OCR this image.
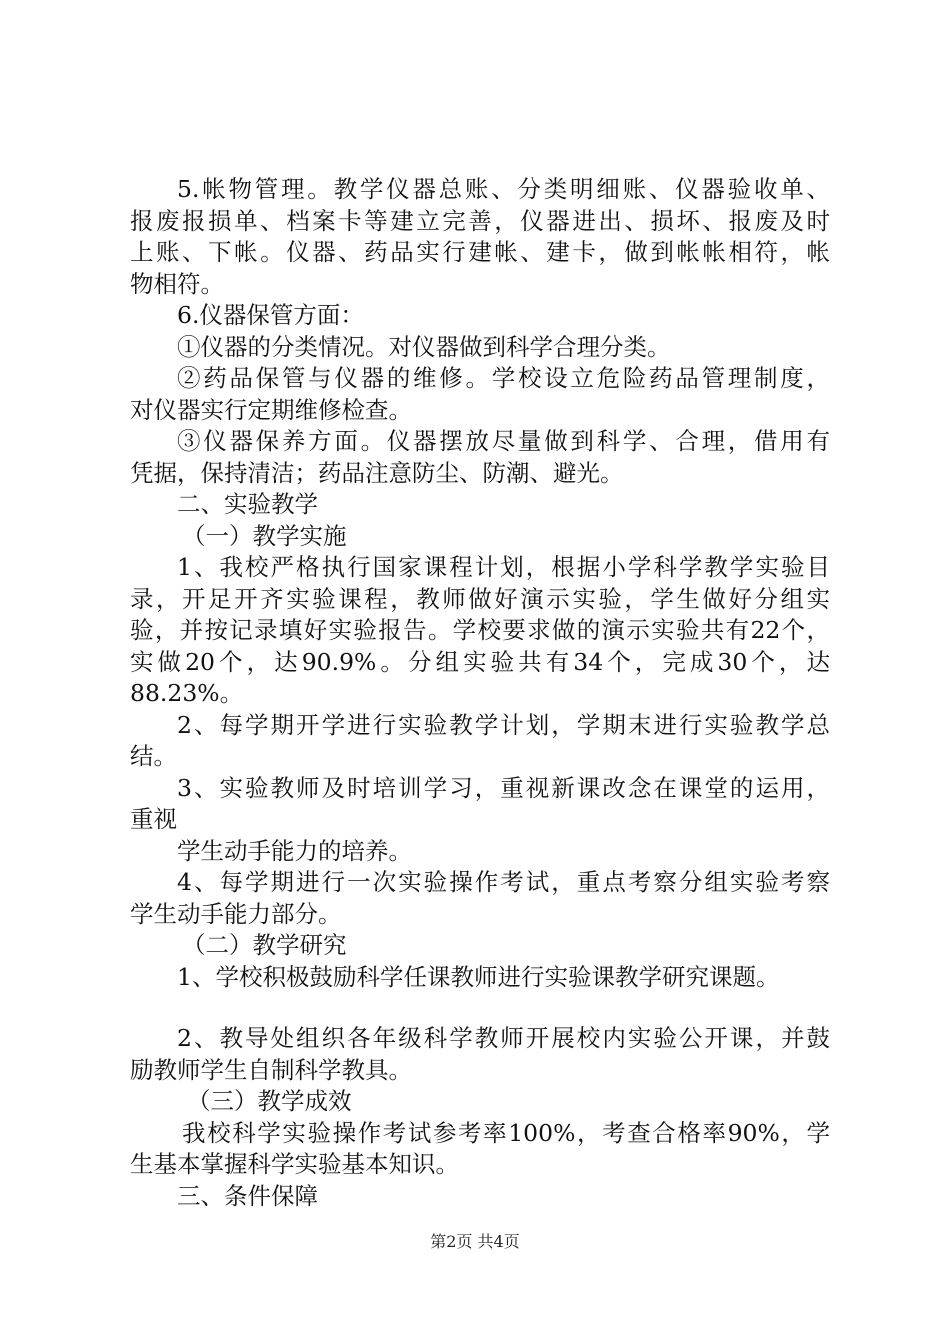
5.帐物管理。教学仪器总账、分类明细账、仪器验收单、
报废报损单、档案卡等建立完善，仪器进出、损坏、报废及时
上账、下帐。仪器、药品实行建帐、建卡，做到帐帐相符，帐
物相符。
6.仪器保管方面：
①仪器的分类情况。对仪器做到科学合理分类。
②药品保管与仪器的维修。学校设立危险药品管理制度，
对仪器实行定期维修检查。
③仪器保养方面。仪器摆放尽量做到科学、合理，借用有
凭据，保持清洁；药品注意防尘、防潮、避光。
二、实验教学
（一）教学实施
1、我校严格执行国家课程计划，根据小学科学教学实验目
录，开足开齐实验课程，教师做好演示实验，学生做好分组实
验，并按记录填好实验报告。学校要求做的演示实验共有22个，
实做20个，达90.9%。分组实验共有34个，完成30个，达
88.23%。
2、每学期开学进行实验教学计划，学期末进行实验教学总
结。
3、实验教师及时培训学习，重视新课改念在课堂的运用，
重视
学生动手能力的培养。
4、每学期进行一次实验操作考试，重点考察分组实验考察
学生动手能力部分。
（二）教学研究
1、学校积极鼓励科学任课教师进行实验课教学研究课题。
2、教导处组织各年级科学教师开展校内实验公开课，并鼓
励教师学生自制科学教具。
（三）教学成效
我校科学实验操作考试参考率100%，考查合格率90%，学
生基本掌握科学实验基本知识。
三、条件保障
第2页 共4页
